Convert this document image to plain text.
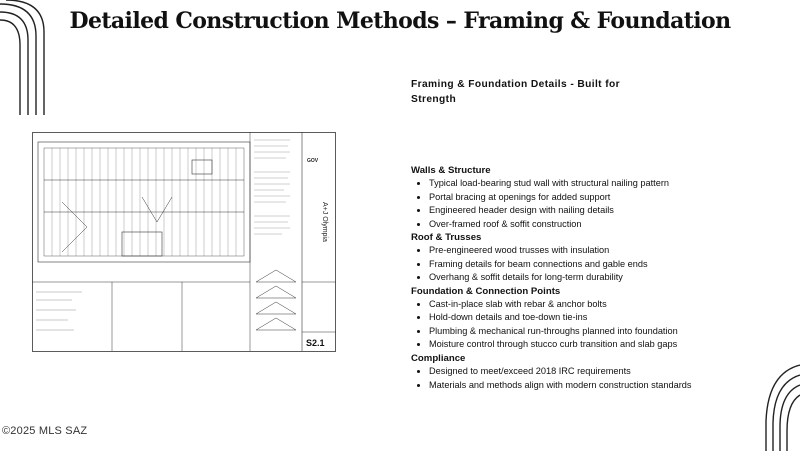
Detailed Construction Methods – Framing & Foundation
GOV
A+J Olympia
S2.1
Framing & Foundation Details - Built for Strength
Walls & Structure
• Typical load-bearing stud wall with structural nailing pattern
• Portal bracing at openings for added support
• Engineered header design with nailing details
• Over-framed roof & soffit construction
Roof & Trusses
• Pre-engineered wood trusses with insulation
• Framing details for beam connections and gable ends
• Overhang & soffit details for long-term durability
Foundation & Connection Points
• Cast-in-place slab with rebar & anchor bolts
• Hold-down details and toe-down tie-ins
• Plumbing & mechanical run-throughs planned into foundation
• Moisture control through stucco curb transition and slab gaps
Compliance
• Designed to meet/exceed 2018 IRC requirements
• Materials and methods align with modern construction standards
©2025 MLS SAZ
